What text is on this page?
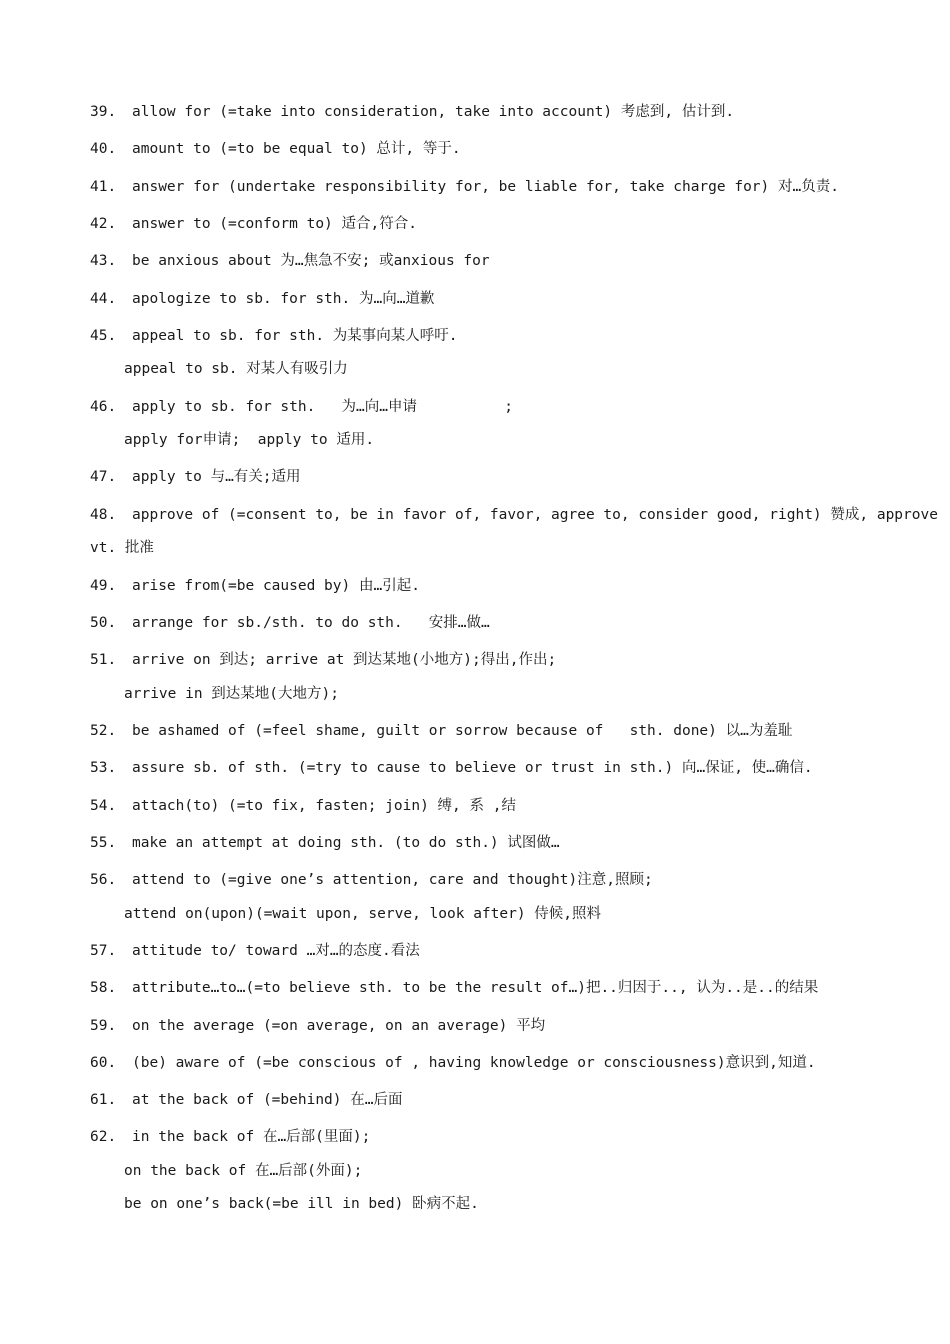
39. allow for (=take into consideration, take into account) 考虑到, 估计到.
40. amount to (=to be equal to) 总计, 等于.
41. answer for (undertake responsibility for, be liable for, take charge for) 对…负责.
42. answer to (=conform to) 适合,符合.
43. be anxious about 为…焦急不安; 或anxious for
44. apologize to sb. for sth. 为…向…道歉
45. appeal to sb. for sth. 为某事向某人呼吁.
appeal to sb. 对某人有吸引力
46. apply to sb. for sth.   为…向…申请          ;
apply for申请;  apply to 适用.
47. apply to 与…有关;适用
48. approve of (=consent to, be in favor of, favor, agree to, consider good, right) 赞成, approve
vt. 批准
49. arise from(=be caused by) 由…引起.
50. arrange for sb./sth. to do sth.   安排…做…
51. arrive on 到达; arrive at 到达某地(小地方);得出,作出;
arrive in 到达某地(大地方);
52. be ashamed of (=feel shame, guilt or sorrow because of   sth. done) 以…为羞耻
53. assure sb. of sth. (=try to cause to believe or trust in sth.) 向…保证, 使…确信.
54. attach(to) (=to fix, fasten; join) 缚, 系 ,结
55. make an attempt at doing sth. (to do sth.) 试图做…
56. attend to (=give one’s attention, care and thought)注意,照顾;
attend on(upon)(=wait upon, serve, look after) 侍候,照料
57. attitude to/ toward …对…的态度.看法
58. attribute…to…(=to believe sth. to be the result of…)把..归因于.., 认为..是..的结果
59. on the average (=on average, on an average) 平均
60. (be) aware of (=be conscious of , having knowledge or consciousness)意识到,知道.
61. at the back of (=behind) 在…后面
62. in the back of 在…后部(里面);
on the back of 在…后部(外面);
be on one’s back(=be ill in bed) 卧病不起.
